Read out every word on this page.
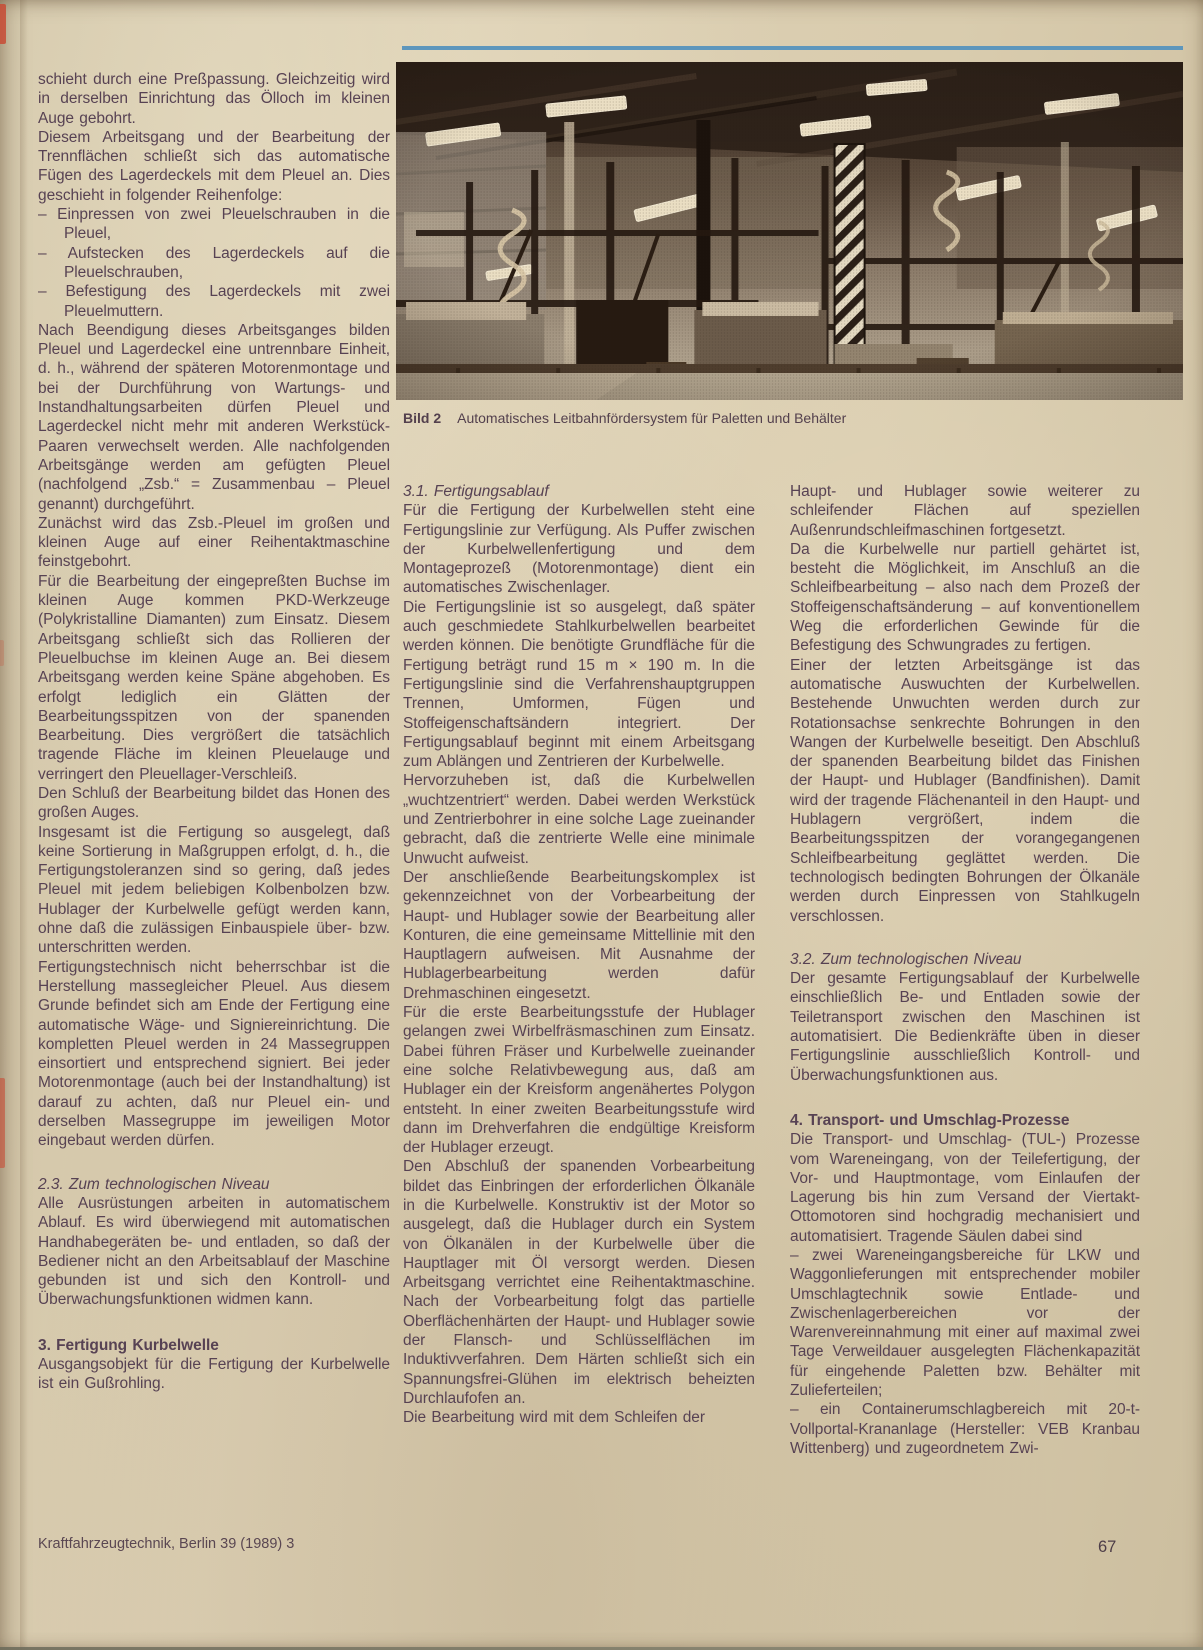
Bild 2 Automatisches Leitbahnfördersystem für Paletten und Behälter

schieht durch eine Preßpassung. Gleichzeitig wird in derselben Einrichtung das Ölloch im kleinen Auge gebohrt.

Diesem Arbeitsgang und der Bearbeitung der Trennflächen schließt sich das automatische Fügen des Lagerdeckels mit dem Pleuel an. Dies geschieht in folgender Reihenfolge:

– Einpressen von zwei Pleuelschrauben in die Pleuel,

– Aufstecken des Lagerdeckels auf die Pleuelschrauben,

– Befestigung des Lagerdeckels mit zwei Pleuelmuttern.

Nach Beendigung dieses Arbeitsganges bilden Pleuel und Lagerdeckel eine untrennbare Einheit, d. h., während der späteren Motorenmontage und bei der Durchführung von Wartungs- und Instandhaltungsarbeiten dürfen Pleuel und Lagerdeckel nicht mehr mit anderen Werkstück-Paaren verwechselt werden. Alle nachfolgenden Arbeitsgänge werden am gefügten Pleuel (nachfolgend „Zsb.“ = Zusammenbau – Pleuel genannt) durchgeführt.

Zunächst wird das Zsb.-Pleuel im großen und kleinen Auge auf einer Reihentaktmaschine feinstgebohrt.

Für die Bearbeitung der eingepreßten Buchse im kleinen Auge kommen PKD-Werkzeuge (Polykristalline Diamanten) zum Einsatz. Diesem Arbeitsgang schließt sich das Rollieren der Pleuelbuchse im kleinen Auge an. Bei diesem Arbeitsgang werden keine Späne abgehoben. Es erfolgt lediglich ein Glätten der Bearbeitungsspitzen von der spanenden Bearbeitung. Dies vergrößert die tatsächlich tragende Fläche im kleinen Pleuelauge und verringert den Pleuellager-Verschleiß.

Den Schluß der Bearbeitung bildet das Honen des großen Auges.

Insgesamt ist die Fertigung so ausgelegt, daß keine Sortierung in Maßgruppen erfolgt, d. h., die Fertigungstoleranzen sind so gering, daß jedes Pleuel mit jedem beliebigen Kolbenbolzen bzw. Hublager der Kurbelwelle gefügt werden kann, ohne daß die zulässigen Einbauspiele über- bzw. unterschritten werden.

Fertigungstechnisch nicht beherrschbar ist die Herstellung massegleicher Pleuel. Aus diesem Grunde befindet sich am Ende der Fertigung eine automatische Wäge- und Signiereinrichtung. Die kompletten Pleuel werden in 24 Massegruppen einsortiert und entsprechend signiert. Bei jeder Motorenmontage (auch bei der Instandhaltung) ist darauf zu achten, daß nur Pleuel ein- und derselben Massegruppe im jeweiligen Motor eingebaut werden dürfen.

2.3. Zum technologischen Niveau

Alle Ausrüstungen arbeiten in automatischem Ablauf. Es wird überwiegend mit automatischen Handhabegeräten be- und entladen, so daß der Bediener nicht an den Arbeitsablauf der Maschine gebunden ist und sich den Kontroll- und Überwachungsfunktionen widmen kann.

3. Fertigung Kurbelwelle

Ausgangsobjekt für die Fertigung der Kurbelwelle ist ein Gußrohling.

3.1. Fertigungsablauf

Für die Fertigung der Kurbelwellen steht eine Fertigungslinie zur Verfügung. Als Puffer zwischen der Kurbelwellenfertigung und dem Montageprozeß (Motorenmontage) dient ein automatisches Zwischenlager.

Die Fertigungslinie ist so ausgelegt, daß später auch geschmiedete Stahlkurbelwellen bearbeitet werden können. Die benötigte Grundfläche für die Fertigung beträgt rund 15 m × 190 m. In die Fertigungslinie sind die Verfahrenshauptgruppen Trennen, Umformen, Fügen und Stoffeigenschaftsändern integriert. Der Fertigungsablauf beginnt mit einem Arbeitsgang zum Ablängen und Zentrieren der Kurbelwelle.

Hervorzuheben ist, daß die Kurbelwellen „wuchtzentriert“ werden. Dabei werden Werkstück und Zentrierbohrer in eine solche Lage zueinander gebracht, daß die zentrierte Welle eine minimale Unwucht aufweist.

Der anschließende Bearbeitungskomplex ist gekennzeichnet von der Vorbearbeitung der Haupt- und Hublager sowie der Bearbeitung aller Konturen, die eine gemeinsame Mittellinie mit den Hauptlagern aufweisen. Mit Ausnahme der Hublagerbearbeitung werden dafür Drehmaschinen eingesetzt.

Für die erste Bearbeitungsstufe der Hublager gelangen zwei Wirbelfräsmaschinen zum Einsatz. Dabei führen Fräser und Kurbelwelle zueinander eine solche Relativbewegung aus, daß am Hublager ein der Kreisform angenähertes Polygon entsteht. In einer zweiten Bearbeitungsstufe wird dann im Drehverfahren die endgültige Kreisform der Hublager erzeugt.

Den Abschluß der spanenden Vorbearbeitung bildet das Einbringen der erforderlichen Ölkanäle in die Kurbelwelle. Konstruktiv ist der Motor so ausgelegt, daß die Hublager durch ein System von Ölkanälen in der Kurbelwelle über die Hauptlager mit Öl versorgt werden. Diesen Arbeitsgang verrichtet eine Reihentaktmaschine. Nach der Vorbearbeitung folgt das partielle Oberflächenhärten der Haupt- und Hublager sowie der Flansch- und Schlüsselflächen im Induktivverfahren. Dem Härten schließt sich ein Spannungsfrei-Glühen im elektrisch beheizten Durchlaufofen an.

Die Bearbeitung wird mit dem Schleifen der

Haupt- und Hublager sowie weiterer zu schleifender Flächen auf speziellen Außenrundschleifmaschinen fortgesetzt.

Da die Kurbelwelle nur partiell gehärtet ist, besteht die Möglichkeit, im Anschluß an die Schleifbearbeitung – also nach dem Prozeß der Stoffeigenschaftsänderung – auf konventionellem Weg die erforderlichen Gewinde für die Befestigung des Schwungrades zu fertigen.

Einer der letzten Arbeitsgänge ist das automatische Auswuchten der Kurbelwellen. Bestehende Unwuchten werden durch zur Rotationsachse senkrechte Bohrungen in den Wangen der Kurbelwelle beseitigt. Den Abschluß der spanenden Bearbeitung bildet das Finishen der Haupt- und Hublager (Bandfinishen). Damit wird der tragende Flächenanteil in den Haupt- und Hublagern vergrößert, indem die Bearbeitungsspitzen der vorangegangenen Schleifbearbeitung geglättet werden. Die technologisch bedingten Bohrungen der Ölkanäle werden durch Einpressen von Stahlkugeln verschlossen.

3.2. Zum technologischen Niveau

Der gesamte Fertigungsablauf der Kurbelwelle einschließlich Be- und Entladen sowie der Teiletransport zwischen den Maschinen ist automatisiert. Die Bedienkräfte üben in dieser Fertigungslinie ausschließlich Kontroll- und Überwachungsfunktionen aus.

4. Transport- und Umschlag-Prozesse

Die Transport- und Umschlag- (TUL-) Prozesse vom Wareneingang, von der Teilefertigung, der Vor- und Hauptmontage, vom Einlaufen der Lagerung bis hin zum Versand der Viertakt-Ottomotoren sind hochgradig mechanisiert und automatisiert. Tragende Säulen dabei sind

– zwei Wareneingangsbereiche für LKW und Waggonlieferungen mit entsprechender mobiler Umschlagtechnik sowie Entlade- und Zwischenlagerbereichen vor der Warenvereinnahmung mit einer auf maximal zwei Tage Verweildauer ausgelegten Flächenkapazität für eingehende Paletten bzw. Behälter mit Zulieferteilen;

– ein Containerumschlagbereich mit 20-t-Vollportal-Krananlage (Hersteller: VEB Kranbau Wittenberg) und zugeordnetem Zwi-

Kraftfahrzeugtechnik, Berlin 39 (1989) 3	67
